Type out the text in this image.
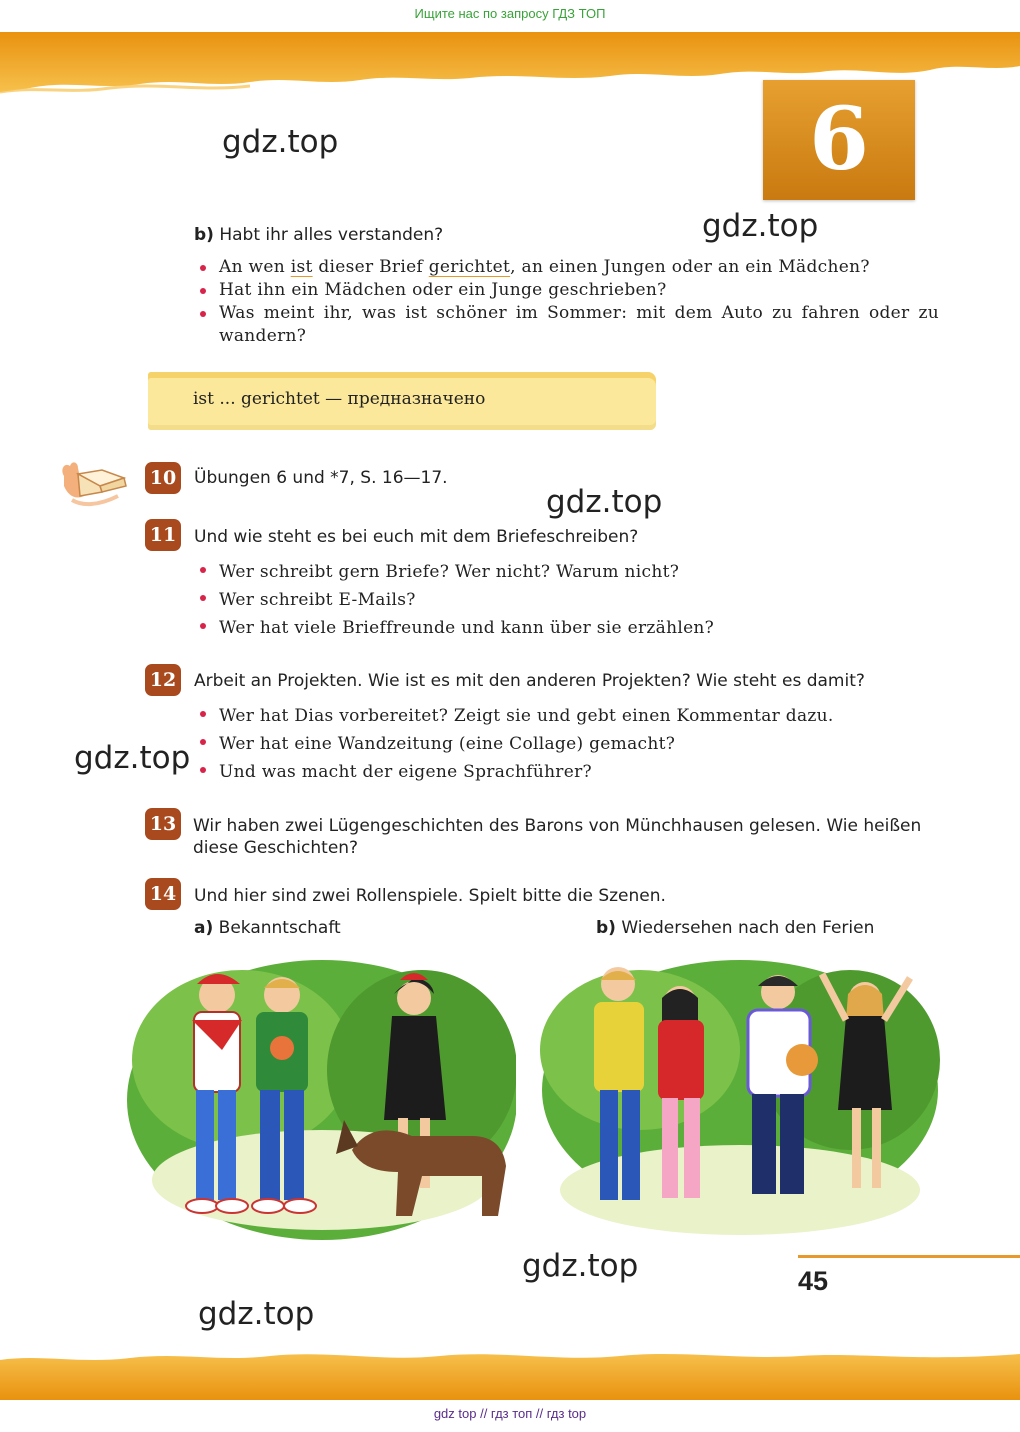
Ищите нас по запросу ГДЗ ТОП
6
gdz.top
gdz.top
gdz.top
gdz.top
gdz.top
gdz.top
b) Habt ihr alles verstanden?
An wen ist dieser Brief gerichtet, an einen Jungen oder an ein Mädchen?
Hat ihn ein Mädchen oder ein Junge geschrieben?
Was meint ihr, was ist schöner im Sommer: mit dem Auto zu fahren oder zu wandern?
ist ... gerichtet — предназначено
10 Übungen 6 und *7, S. 16—17.
11 Und wie steht es bei euch mit dem Briefeschreiben?
Wer schreibt gern Briefe? Wer nicht? Warum nicht?
Wer schreibt E-Mails?
Wer hat viele Brieffreunde und kann über sie erzählen?
12 Arbeit an Projekten. Wie ist es mit den anderen Projekten? Wie steht es damit?
Wer hat Dias vorbereitet? Zeigt sie und gebt einen Kommentar dazu.
Wer hat eine Wandzeitung (eine Collage) gemacht?
Und was macht der eigene Sprachführer?
13 Wir haben zwei Lügengeschichten des Barons von Münchhausen gelesen. Wie heißen diese Geschichten?
14 Und hier sind zwei Rollenspiele. Spielt bitte die Szenen.
a) Bekanntschaft	b) Wiedersehen nach den Ferien
45
gdz top // гдз топ // гдз top
